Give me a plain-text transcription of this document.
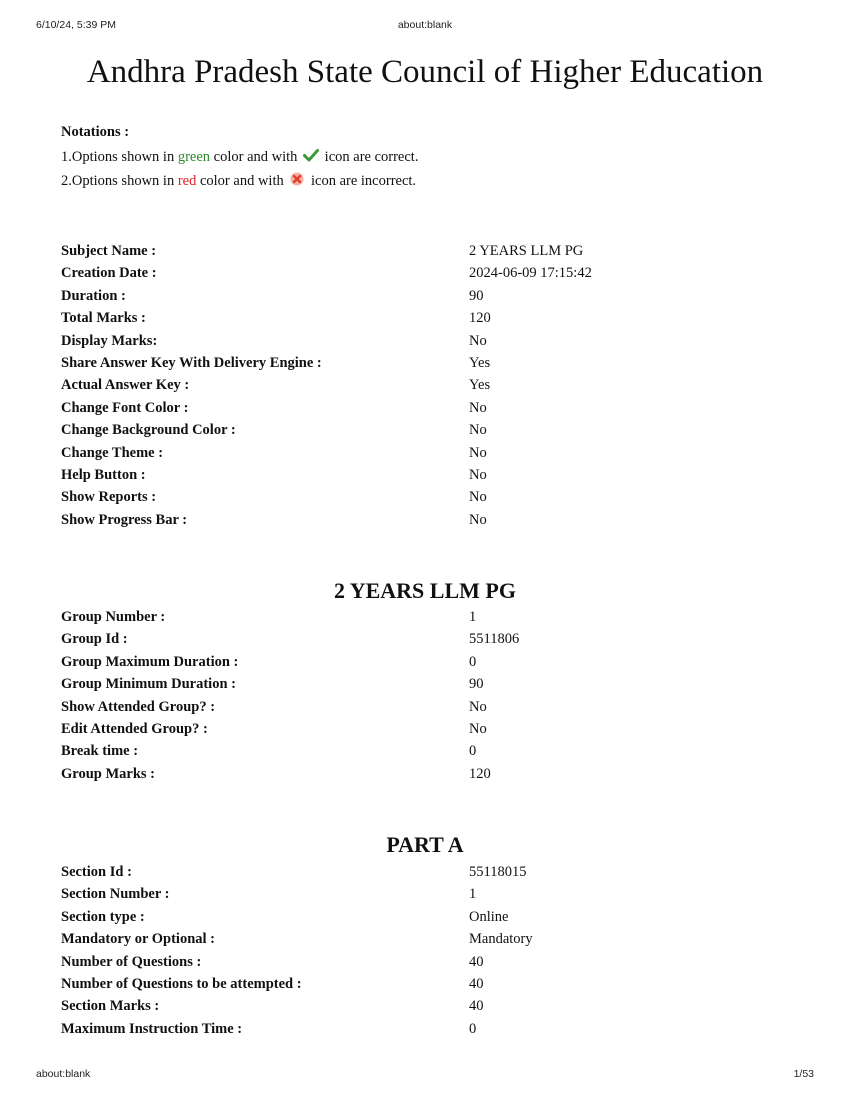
6/10/24, 5:39 PM	about:blank
Andhra Pradesh State Council of Higher Education
Notations :
1.Options shown in green color and with icon are correct.
2.Options shown in red color and with icon are incorrect.
Subject Name :	2 YEARS LLM PG
Creation Date :	2024-06-09 17:15:42
Duration :	90
Total Marks :	120
Display Marks:	No
Share Answer Key With Delivery Engine :	Yes
Actual Answer Key :	Yes
Change Font Color :	No
Change Background Color :	No
Change Theme :	No
Help Button :	No
Show Reports :	No
Show Progress Bar :	No
2 YEARS LLM PG
Group Number :	1
Group Id :	5511806
Group Maximum Duration :	0
Group Minimum Duration :	90
Show Attended Group? :	No
Edit Attended Group? :	No
Break time :	0
Group Marks :	120
PART A
Section Id :	55118015
Section Number :	1
Section type :	Online
Mandatory or Optional :	Mandatory
Number of Questions :	40
Number of Questions to be attempted :	40
Section Marks :	40
Maximum Instruction Time :	0
about:blank	1/53
